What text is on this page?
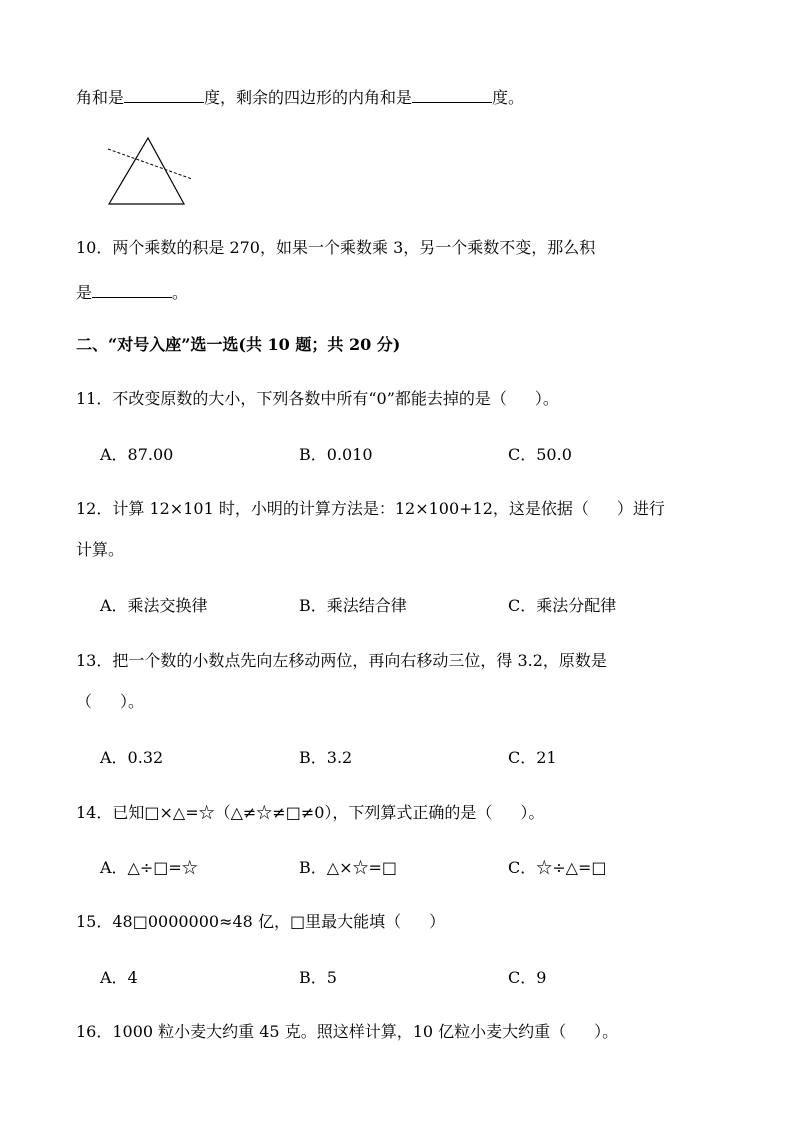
角和是	度，剩余的四边形的内角和是	度。
10．两个乘数的积是 270，如果一个乘数乘 3，另一个乘数不变，那么积
是	。
二、“对号入座”选一选(共 10 题；共 20 分)
11．不改变原数的大小，下列各数中所有“0”都能去掉的是（ ）。
A．87.00	B．0.010	C．50.0
12．计算 12×101 时，小明的计算方法是：12×100+12，这是依据（ ）进行
计算。
A．乘法交换律	B．乘法结合律	C．乘法分配律
13．把一个数的小数点先向左移动两位，再向右移动三位，得 3.2，原数是
（ ）。
A．0.32	B．3.2	C．21
14．已知□×△=☆（△≠☆≠□≠0），下列算式正确的是（ ）。
A．△÷□=☆	B．△×☆=□	C．☆÷△=□
15．48□0000000≈48 亿，□里最大能填（ ）
A．4	B．5	C．9
16．1000 粒小麦大约重 45 克。照这样计算，10 亿粒小麦大约重（ ）。
